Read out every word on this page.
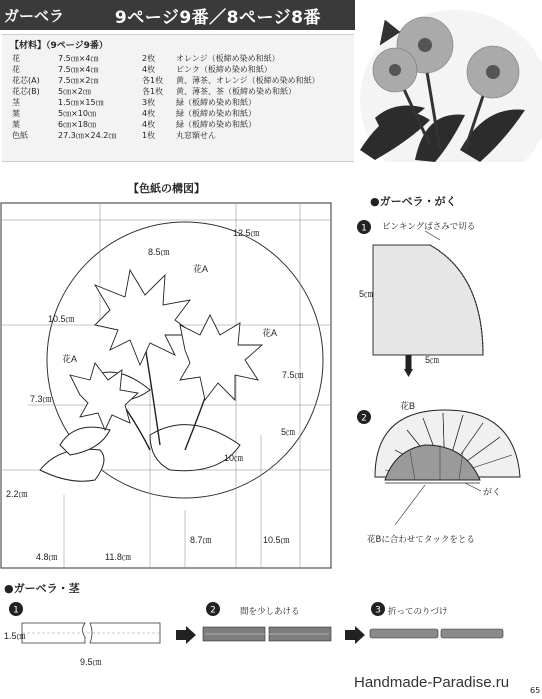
ガーベラ	9ページ9番／8ページ8番
【材料】（9ページ9番）
花	7.5㎝×4㎝	2枚	オレンジ（板締め染め和紙）
花	7.5㎝×4㎝	4枚	ピンク（板締め染め和紙）
花芯(A)	7.5㎝×2㎝	各1枚	黄、薄茶、オレンジ（板締め染め和紙）
花芯(B)	5㎝×2㎝	各1枚	黄、薄茶、茶（板締め染め和紙）
茎	1.5㎝×15㎝	3枚	緑（板締め染め和紙）
葉	5㎝×10㎝	4枚	緑（板締め染め和紙）
葉	6㎝×18㎝	4枚	緑（板締め染め和紙）
色紙	27.3㎝×24.2㎝	1枚	丸窓額せん
【色紙の構図】
12.5㎝
8.5㎝
10.5㎝
7.3㎝
7.5㎝
5㎝
10㎝
2.2㎝
4.8㎝	11.8㎝
8.7㎝	10.5㎝
花A
花A
花A
●ガーベラ・がく
1
2
ピンキングばさみで切る
5㎝
5㎝
花B
がく
花Bに合わせてタックをとる
●ガーベラ・茎
1	2	3
1.5㎝
9.5㎝
間を少しあける	折ってのりづけ
Handmade-Paradise.ru	65
